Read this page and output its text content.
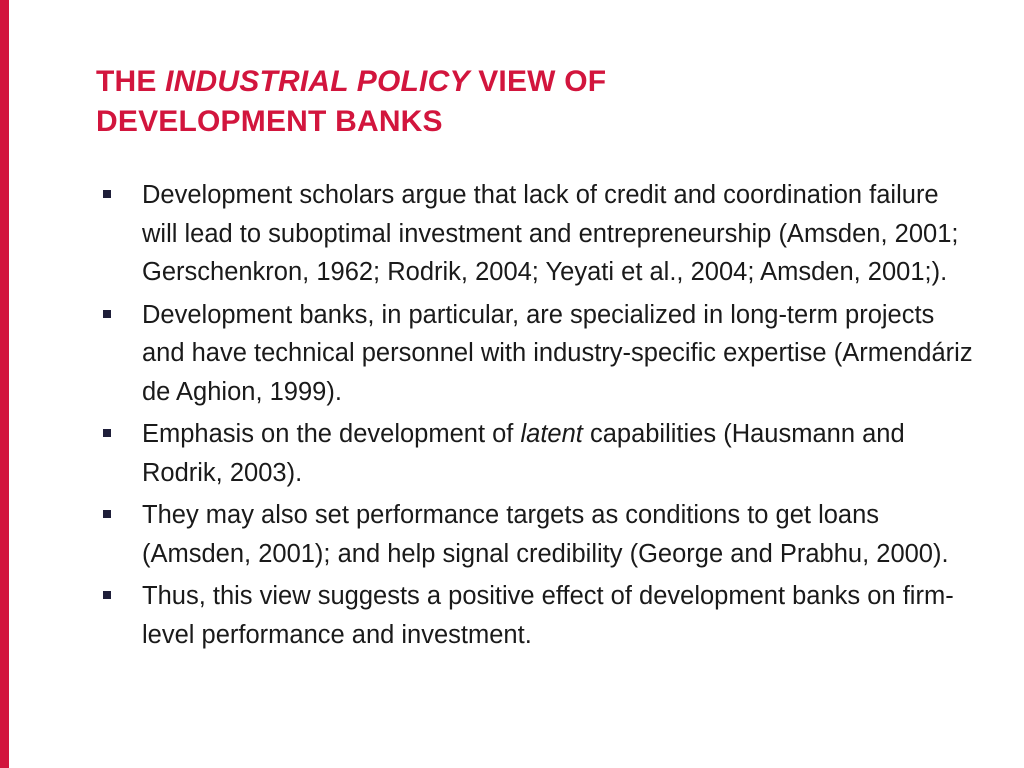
THE INDUSTRIAL POLICY VIEW OF
DEVELOPMENT BANKS
Development scholars argue that lack of credit and coordination failure will lead to suboptimal investment and entrepreneurship (Amsden, 2001; Gerschenkron, 1962; Rodrik, 2004; Yeyati et al., 2004; Amsden, 2001;).
Development banks, in particular, are specialized in long-term projects and have technical personnel with industry-specific expertise (Armendáriz de Aghion, 1999).
Emphasis on the development of latent capabilities (Hausmann and Rodrik, 2003).
They may also set performance targets as conditions to get loans (Amsden, 2001); and help signal credibility (George and Prabhu, 2000).
Thus, this view suggests a positive effect of development banks on firm-level performance and investment.
